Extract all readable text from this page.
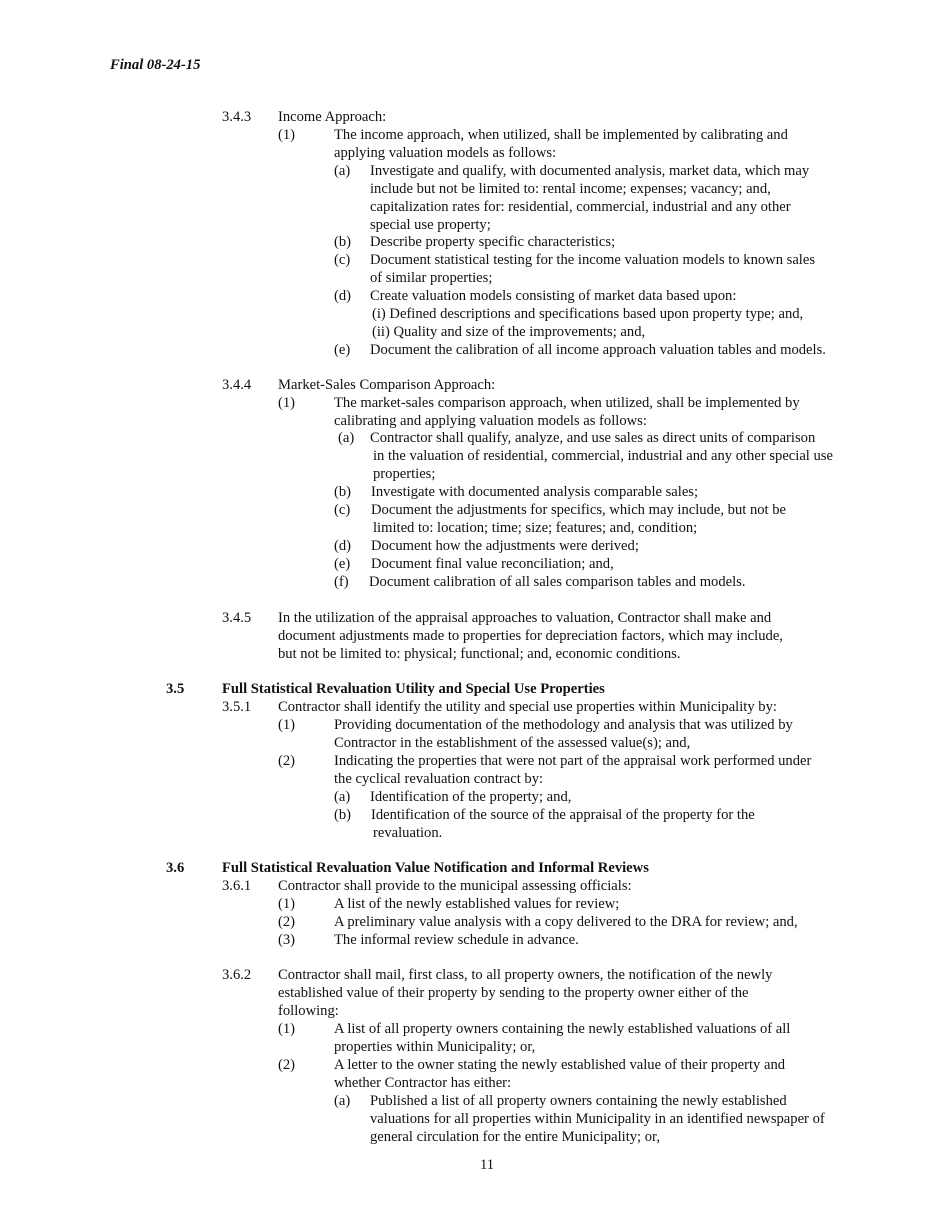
Final 08-24-15
3.4.3 Income Approach:
(1)	The income approach, when utilized, shall be implemented by calibrating and
applying valuation models as follows:
(a) Investigate and qualify, with documented analysis, market data, which may
include but not be limited to: rental income; expenses; vacancy; and,
capitalization rates for: residential, commercial, industrial and any other
special use property;
(b) Describe property specific characteristics;
(c) Document statistical testing for the income valuation models to known sales
of similar properties;
(d) Create valuation models consisting of market data based upon:
(i) Defined descriptions and specifications based upon property type; and,
(ii) Quality and size of the improvements; and,
(e) Document the calibration of all income approach valuation tables and models.
3.4.4 Market-Sales Comparison Approach:
(1)	The market-sales comparison approach, when utilized, shall be implemented by
calibrating and applying valuation models as follows:
(a) Contractor shall qualify, analyze, and use sales as direct units of comparison
in the valuation of residential, commercial, industrial and any other special use
properties;
(b) Investigate with documented analysis comparable sales;
(c) Document the adjustments for specifics, which may include, but not be
limited to: location; time; size; features; and, condition;
(d) Document how the adjustments were derived;
(e) Document final value reconciliation; and,
(f) Document calibration of all sales comparison tables and models.
3.4.5 In the utilization of the appraisal approaches to valuation, Contractor shall make and
document adjustments made to properties for depreciation factors, which may include,
but not be limited to: physical; functional; and, economic conditions.
3.5	Full Statistical Revaluation Utility and Special Use Properties
3.5.1 Contractor shall identify the utility and special use properties within Municipality by:
(1)	Providing documentation of the methodology and analysis that was utilized by
Contractor in the establishment of the assessed value(s); and,
(2)	Indicating the properties that were not part of the appraisal work performed under
the cyclical revaluation contract by:
(a) Identification of the property; and,
(b) Identification of the source of the appraisal of the property for the
revaluation.
3.6	Full Statistical Revaluation Value Notification and Informal Reviews
3.6.1 Contractor shall provide to the municipal assessing officials:
(1)	A list of the newly established values for review;
(2)	A preliminary value analysis with a copy delivered to the DRA for review; and,
(3)	The informal review schedule in advance.
3.6.2 Contractor shall mail, first class, to all property owners, the notification of the newly
established value of their property by sending to the property owner either of the
following:
(1)	A list of all property owners containing the newly established valuations of all
properties within Municipality; or,
(2)	A letter to the owner stating the newly established value of their property and
whether Contractor has either:
(a) Published a list of all property owners containing the newly established
valuations for all properties within Municipality in an identified newspaper of
general circulation for the entire Municipality; or,
11
